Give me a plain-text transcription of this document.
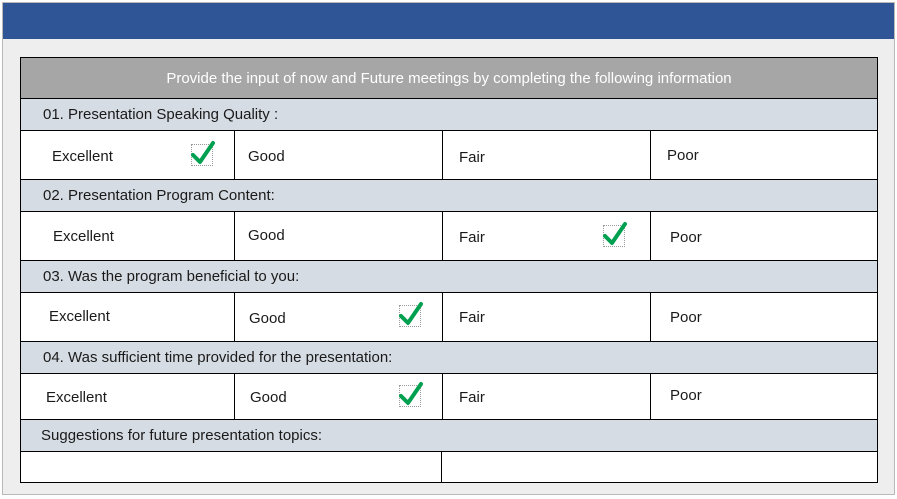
Provide the input of now and Future meetings by completing the following information
01. Presentation Speaking Quality :
Excellent	Good	Fair	Poor
02. Presentation Program Content:
Excellent	Good	Fair	Poor
03. Was the program beneficial to you:
Excellent	Good	Fair	Poor
04. Was sufficient time provided for the presentation:
Excellent	Good	Fair	Poor
Suggestions for future presentation topics:
